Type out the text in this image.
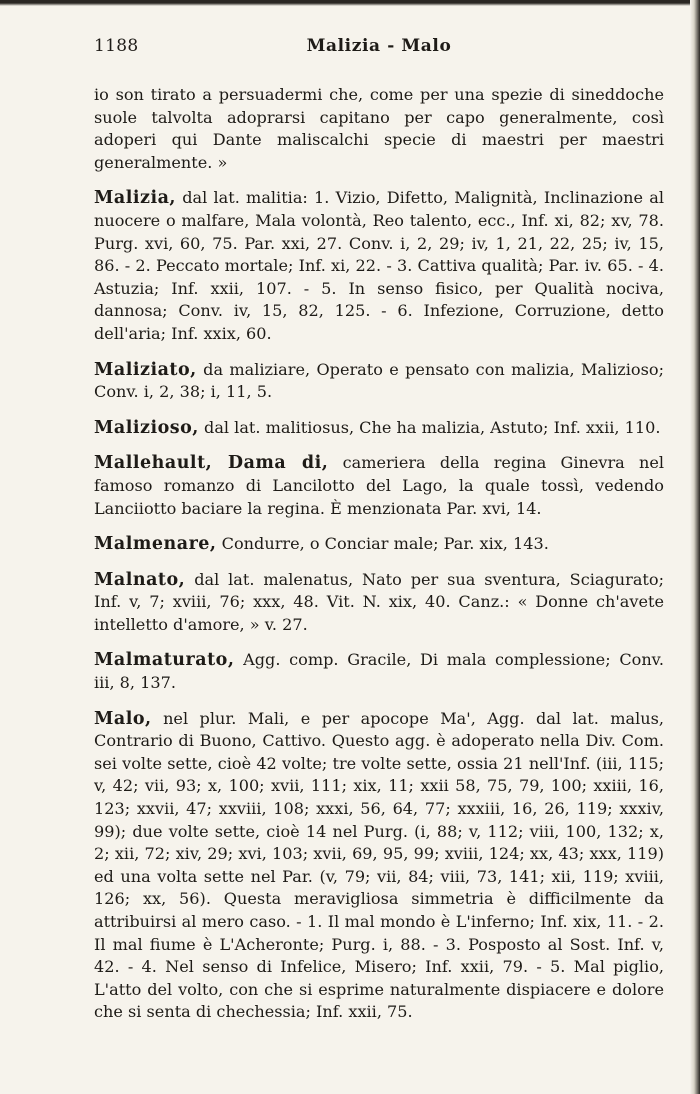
1188	Malizia - Malo

io son tirato a persuadermi che, come per una spezie di sineddoche suole talvolta adoprarsi capitano per capo generalmente, così adoperi qui Dante maliscalchi specie di maestri per maestri generalmente. »

Malizia, dal lat. malitia: 1. Vizio, Difetto, Malignità, Inclinazione al nuocere o malfare, Mala volontà, Reo talento, ecc., Inf. xi, 82; xv, 78. Purg. xvi, 60, 75. Par. xxi, 27. Conv. i, 2, 29; iv, 1, 21, 22, 25; iv, 15, 86. - 2. Peccato mortale; Inf. xi, 22. - 3. Cattiva qualità; Par. iv. 65. - 4. Astuzia; Inf. xxii, 107. - 5. In senso fisico, per Qualità nociva, dannosa; Conv. iv, 15, 82, 125. - 6. Infezione, Corruzione, detto dell'aria; Inf. xxix, 60.

Maliziato, da maliziare, Operato e pensato con malizia, Malizioso; Conv. i, 2, 38; i, 11, 5.

Malizioso, dal lat. malitiosus, Che ha malizia, Astuto; Inf. xxii, 110.

Mallehault, Dama di, cameriera della regina Ginevra nel famoso romanzo di Lancilotto del Lago, la quale tossì, vedendo Lanciiotto baciare la regina. È menzionata Par. xvi, 14.

Malmenare, Condurre, o Conciar male; Par. xix, 143.

Malnato, dal lat. malenatus, Nato per sua sventura, Sciagurato; Inf. v, 7; xviii, 76; xxx, 48. Vit. N. xix, 40. Canz.: « Donne ch'avete intelletto d'amore, » v. 27.

Malmaturato, Agg. comp. Gracile, Di mala complessione; Conv. iii, 8, 137.

Malo, nel plur. Mali, e per apocope Ma', Agg. dal lat. malus, Contrario di Buono, Cattivo. Questo agg. è adoperato nella Div. Com. sei volte sette, cioè 42 volte; tre volte sette, ossia 21 nell'Inf. (iii, 115; v, 42; vii, 93; x, 100; xvii, 111; xix, 11; xxii 58, 75, 79, 100; xxiii, 16, 123; xxvii, 47; xxviii, 108; xxxi, 56, 64, 77; xxxiii, 16, 26, 119; xxxiv, 99); due volte sette, cioè 14 nel Purg. (i, 88; v, 112; viii, 100, 132; x, 2; xii, 72; xiv, 29; xvi, 103; xvii, 69, 95, 99; xviii, 124; xx, 43; xxx, 119) ed una volta sette nel Par. (v, 79; vii, 84; viii, 73, 141; xii, 119; xviii, 126; xx, 56). Questa meravigliosa simmetria è difficilmente da attribuirsi al mero caso. - 1. Il mal mondo è L'inferno; Inf. xix, 11. - 2. Il mal fiume è L'Acheronte; Purg. i, 88. - 3. Posposto al Sost. Inf. v, 42. - 4. Nel senso di Infelice, Misero; Inf. xxii, 79. - 5. Mal piglio, L'atto del volto, con che si esprime naturalmente dispiacere e dolore che si senta di chechessia; Inf. xxii, 75.
